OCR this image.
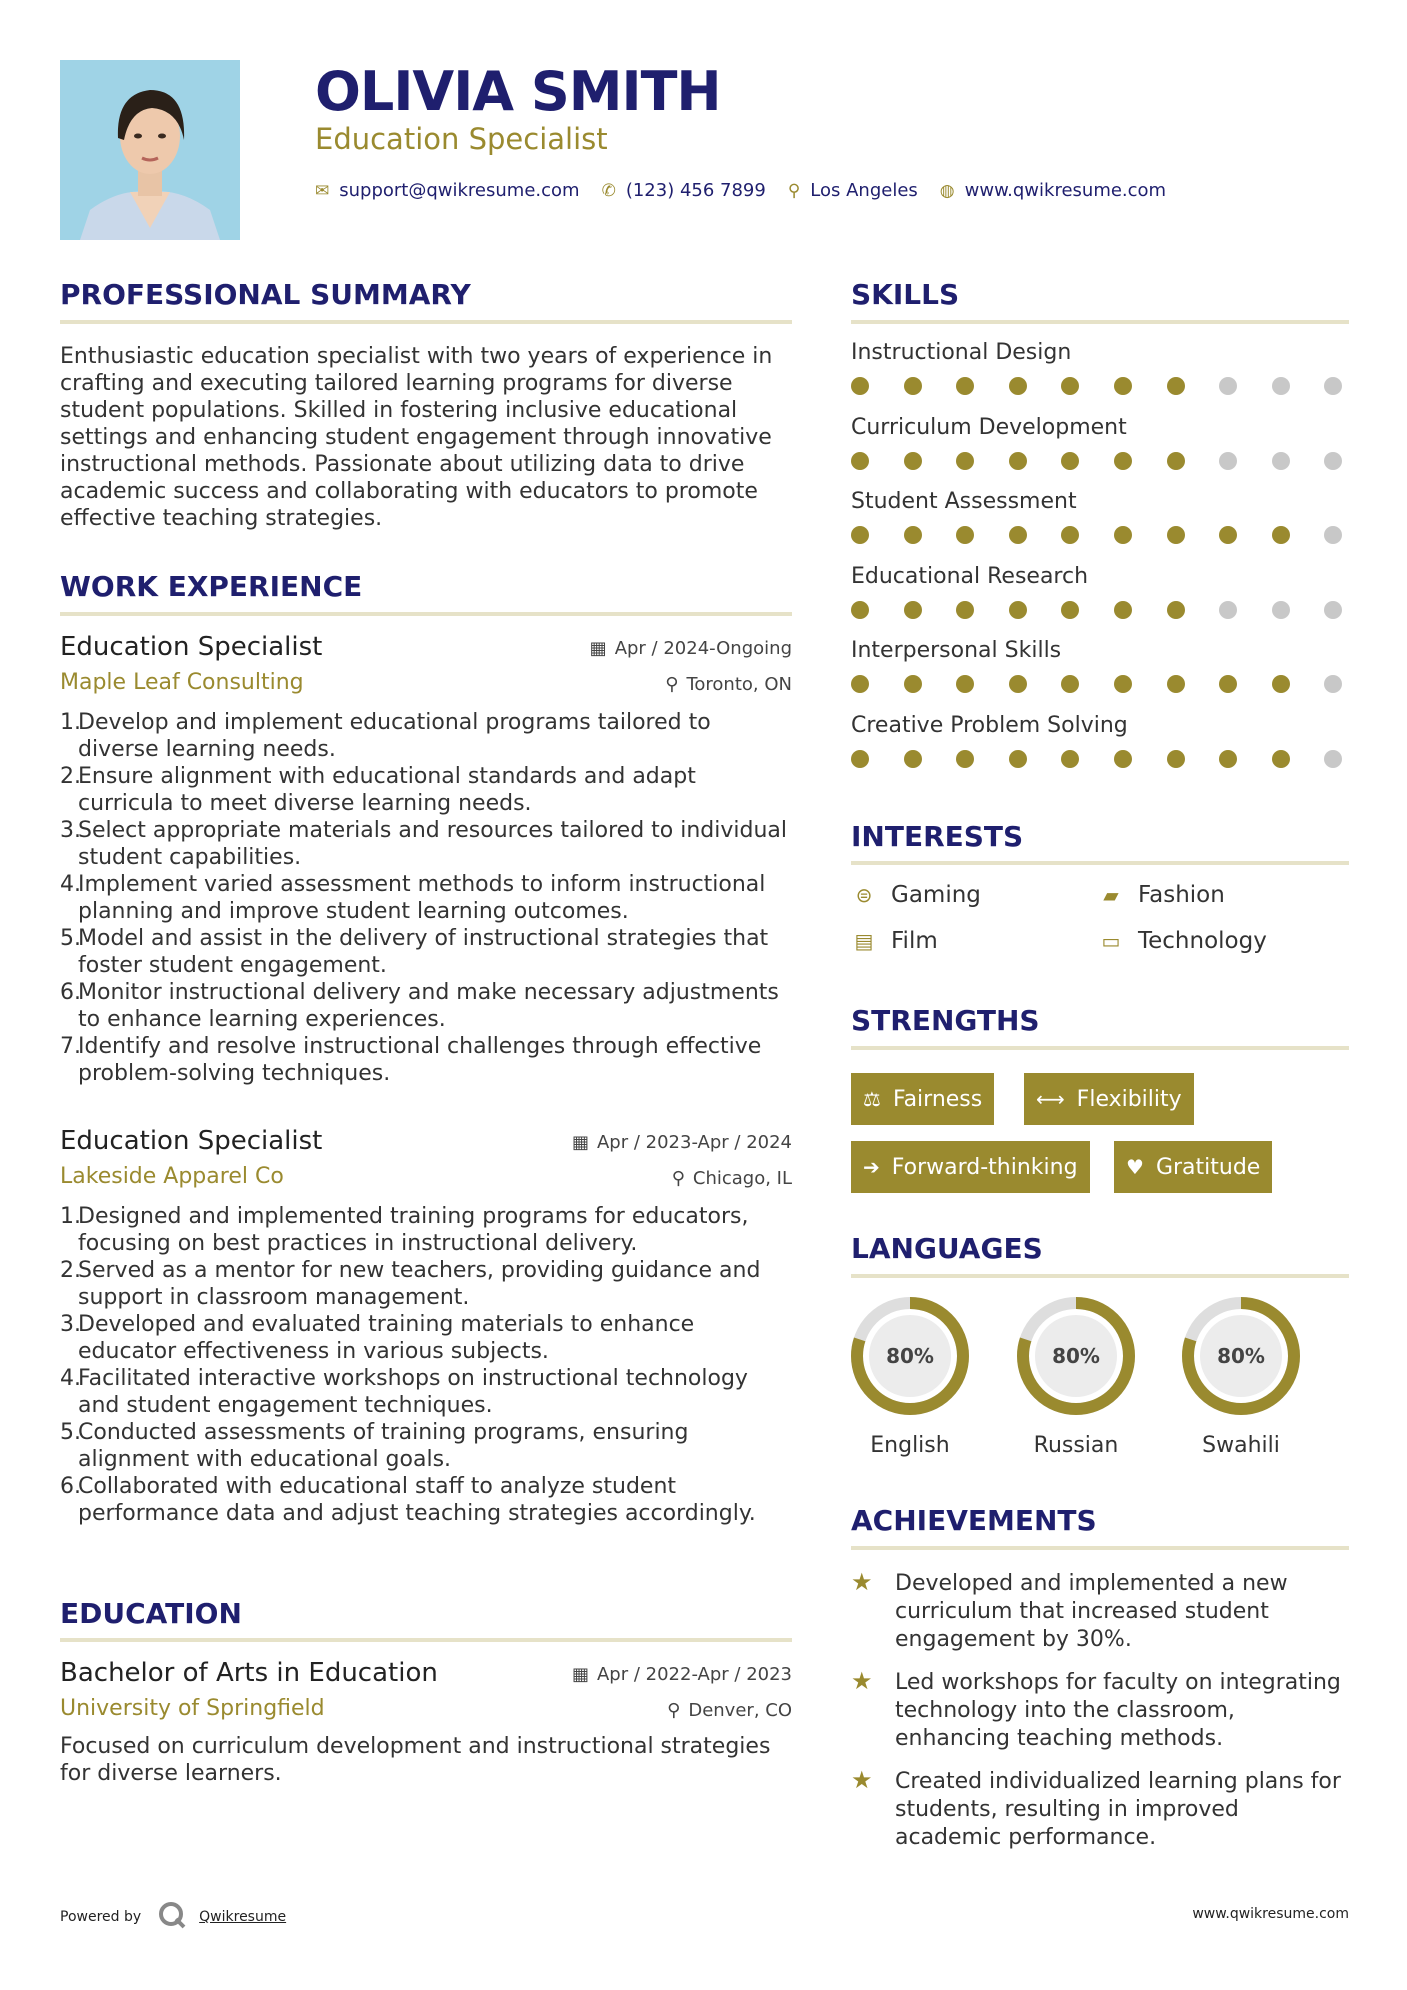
OLIVIA SMITH
Education Specialist
✉ support@qwikresume.com ✆ (123) 456 7899 ⚲ Los Angeles ◍ www.qwikresume.com
PROFESSIONAL SUMMARY
Enthusiastic education specialist with two years of experience in crafting and executing tailored learning programs for diverse student populations. Skilled in fostering inclusive educational settings and enhancing student engagement through innovative instructional methods. Passionate about utilizing data to drive academic success and collaborating with educators to promote effective teaching strategies.
WORK EXPERIENCE
Education Specialist
Maple Leaf Consulting
▦ Apr / 2024-Ongoing
⚲ Toronto, ON
1.
Develop and implement educational programs tailored to diverse learning needs.
2.
Ensure alignment with educational standards and adapt curricula to meet diverse learning needs.
3.
Select appropriate materials and resources tailored to individual student capabilities.
4.
Implement varied assessment methods to inform instructional planning and improve student learning outcomes.
5.
Model and assist in the delivery of instructional strategies that foster student engagement.
6.
Monitor instructional delivery and make necessary adjustments to enhance learning experiences.
7.
Identify and resolve instructional challenges through effective problem-solving techniques.
Education Specialist
Lakeside Apparel Co
▦ Apr / 2023-Apr / 2024
⚲ Chicago, IL
1.
Designed and implemented training programs for educators, focusing on best practices in instructional delivery.
2.
Served as a mentor for new teachers, providing guidance and support in classroom management.
3.
Developed and evaluated training materials to enhance educator effectiveness in various subjects.
4.
Facilitated interactive workshops on instructional technology and student engagement techniques.
5.
Conducted assessments of training programs, ensuring alignment with educational goals.
6.
Collaborated with educational staff to analyze student performance data and adjust teaching strategies accordingly.
EDUCATION
Bachelor of Arts in Education
University of Springfield
▦ Apr / 2022-Apr / 2023
⚲ Denver, CO
Focused on curriculum development and instructional strategies for diverse learners.
SKILLS
Instructional Design
Curriculum Development
Student Assessment
Educational Research
Interpersonal Skills
Creative Problem Solving
INTERESTS
⊜ Gaming	▰ Fashion
▤ Film	▭ Technology
STRENGTHS
⚖ Fairness	⟷ Flexibility
➔ Forward-thinking ♥ Gratitude
LANGUAGES
80%
English
80%
Russian
80%
Swahili
ACHIEVEMENTS
★	Developed and implemented a new curriculum that increased student engagement by 30%.
★	Led workshops for faculty on integrating technology into the classroom, enhancing teaching methods.
★	Created individualized learning plans for students, resulting in improved academic performance.
Powered by	Qwikresume	www.qwikresume.com
